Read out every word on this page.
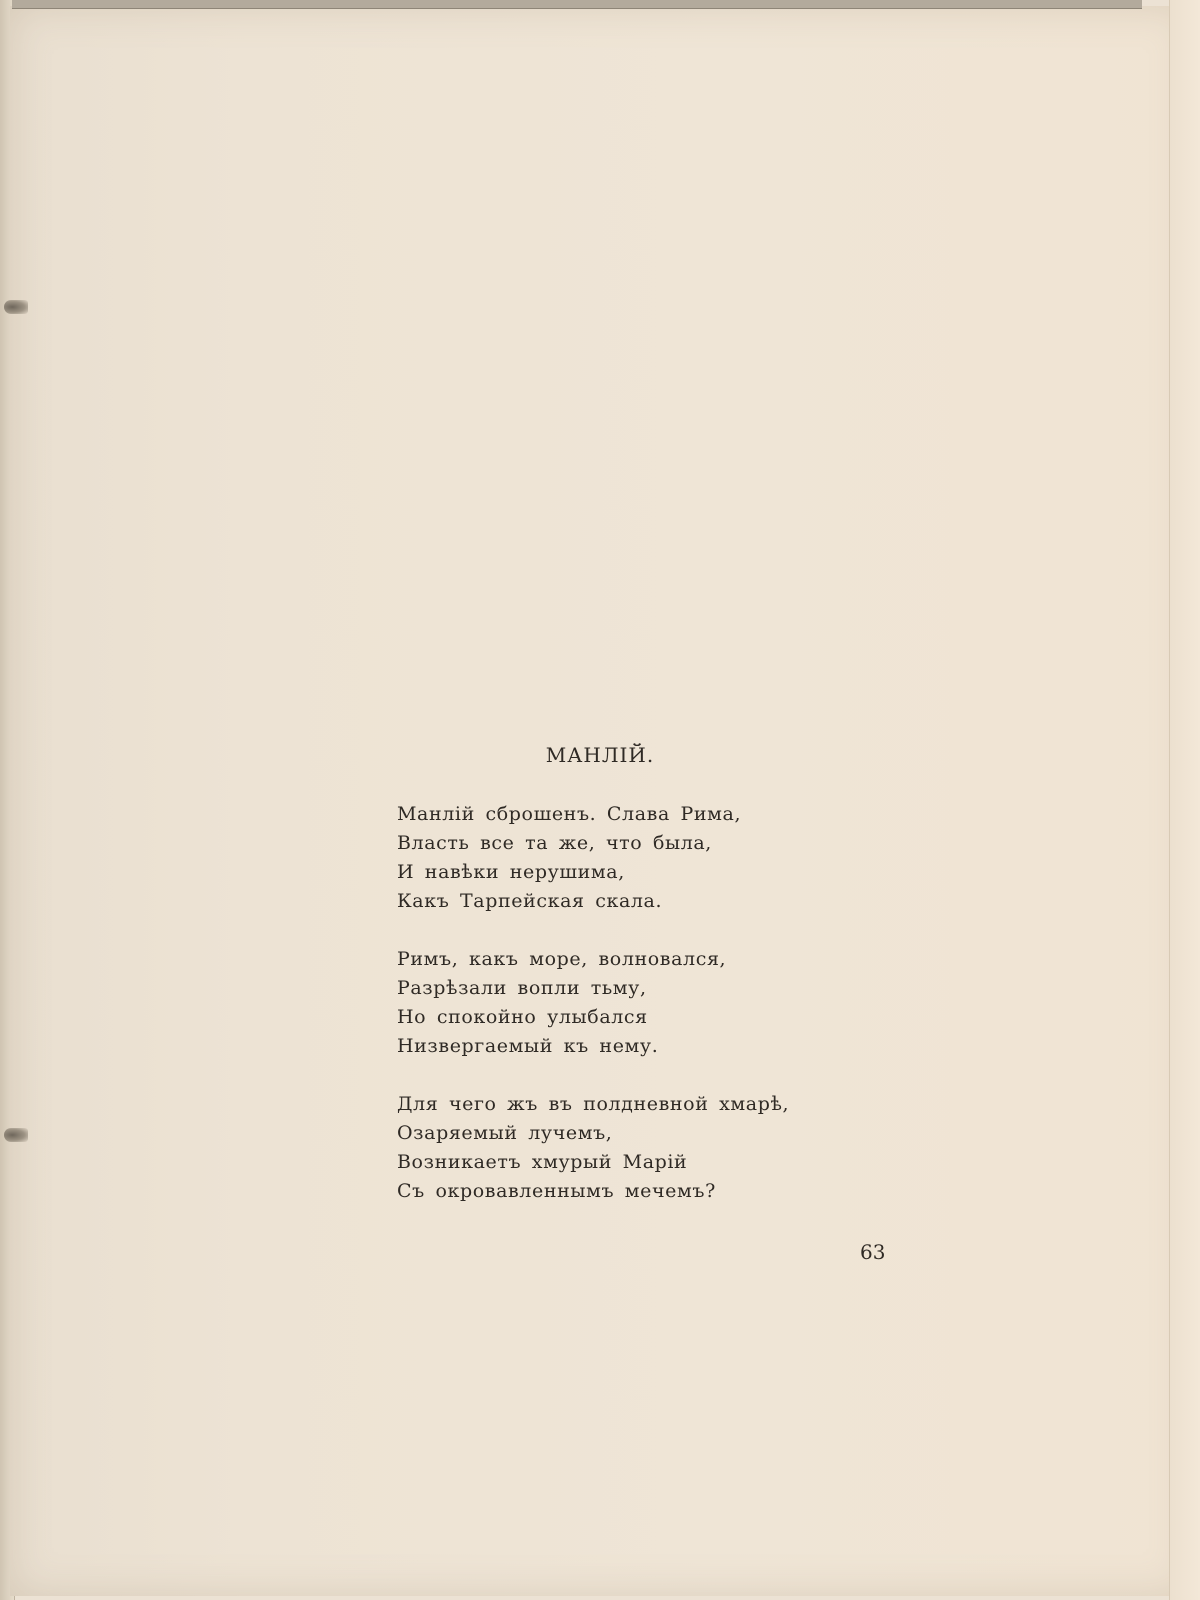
МАНЛІЙ.
Манлій сброшенъ. Слава Рима,
Власть все та же, что была,
И навѣки нерушима,
Какъ Тарпейская скала.
Римъ, какъ море, волновался,
Разрѣзали вопли тьму,
Но спокойно улыбался
Низвергаемый къ нему.
Для чего жъ въ полдневной хмарѣ,
Озаряемый лучемъ,
Возникаетъ хмурый Марій
Съ окровавленнымъ мечемъ?
63
